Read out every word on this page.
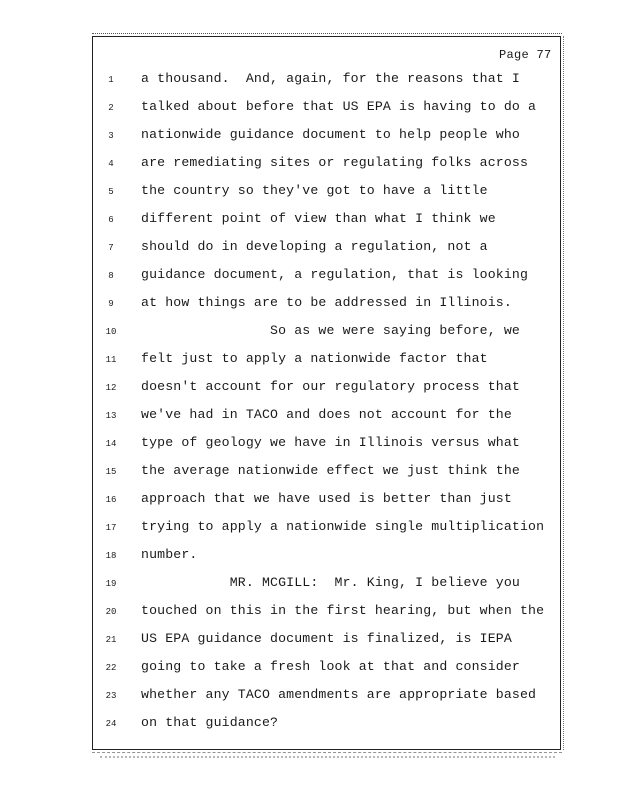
Page 77
1	a thousand.  And, again, for the reasons that I
2	talked about before that US EPA is having to do a
3	nationwide guidance document to help people who
4	are remediating sites or regulating folks across
5	the country so they've got to have a little
6	different point of view than what I think we
7	should do in developing a regulation, not a
8	guidance document, a regulation, that is looking
9	at how things are to be addressed in Illinois.
10	So as we were saying before, we
11	felt just to apply a nationwide factor that
12	doesn't account for our regulatory process that
13	we've had in TACO and does not account for the
14	type of geology we have in Illinois versus what
15	the average nationwide effect we just think the
16	approach that we have used is better than just
17	trying to apply a nationwide single multiplication
18	number.
19	MR. MCGILL:  Mr. King, I believe you
20	touched on this in the first hearing, but when the
21	US EPA guidance document is finalized, is IEPA
22	going to take a fresh look at that and consider
23	whether any TACO amendments are appropriate based
24	on that guidance?
